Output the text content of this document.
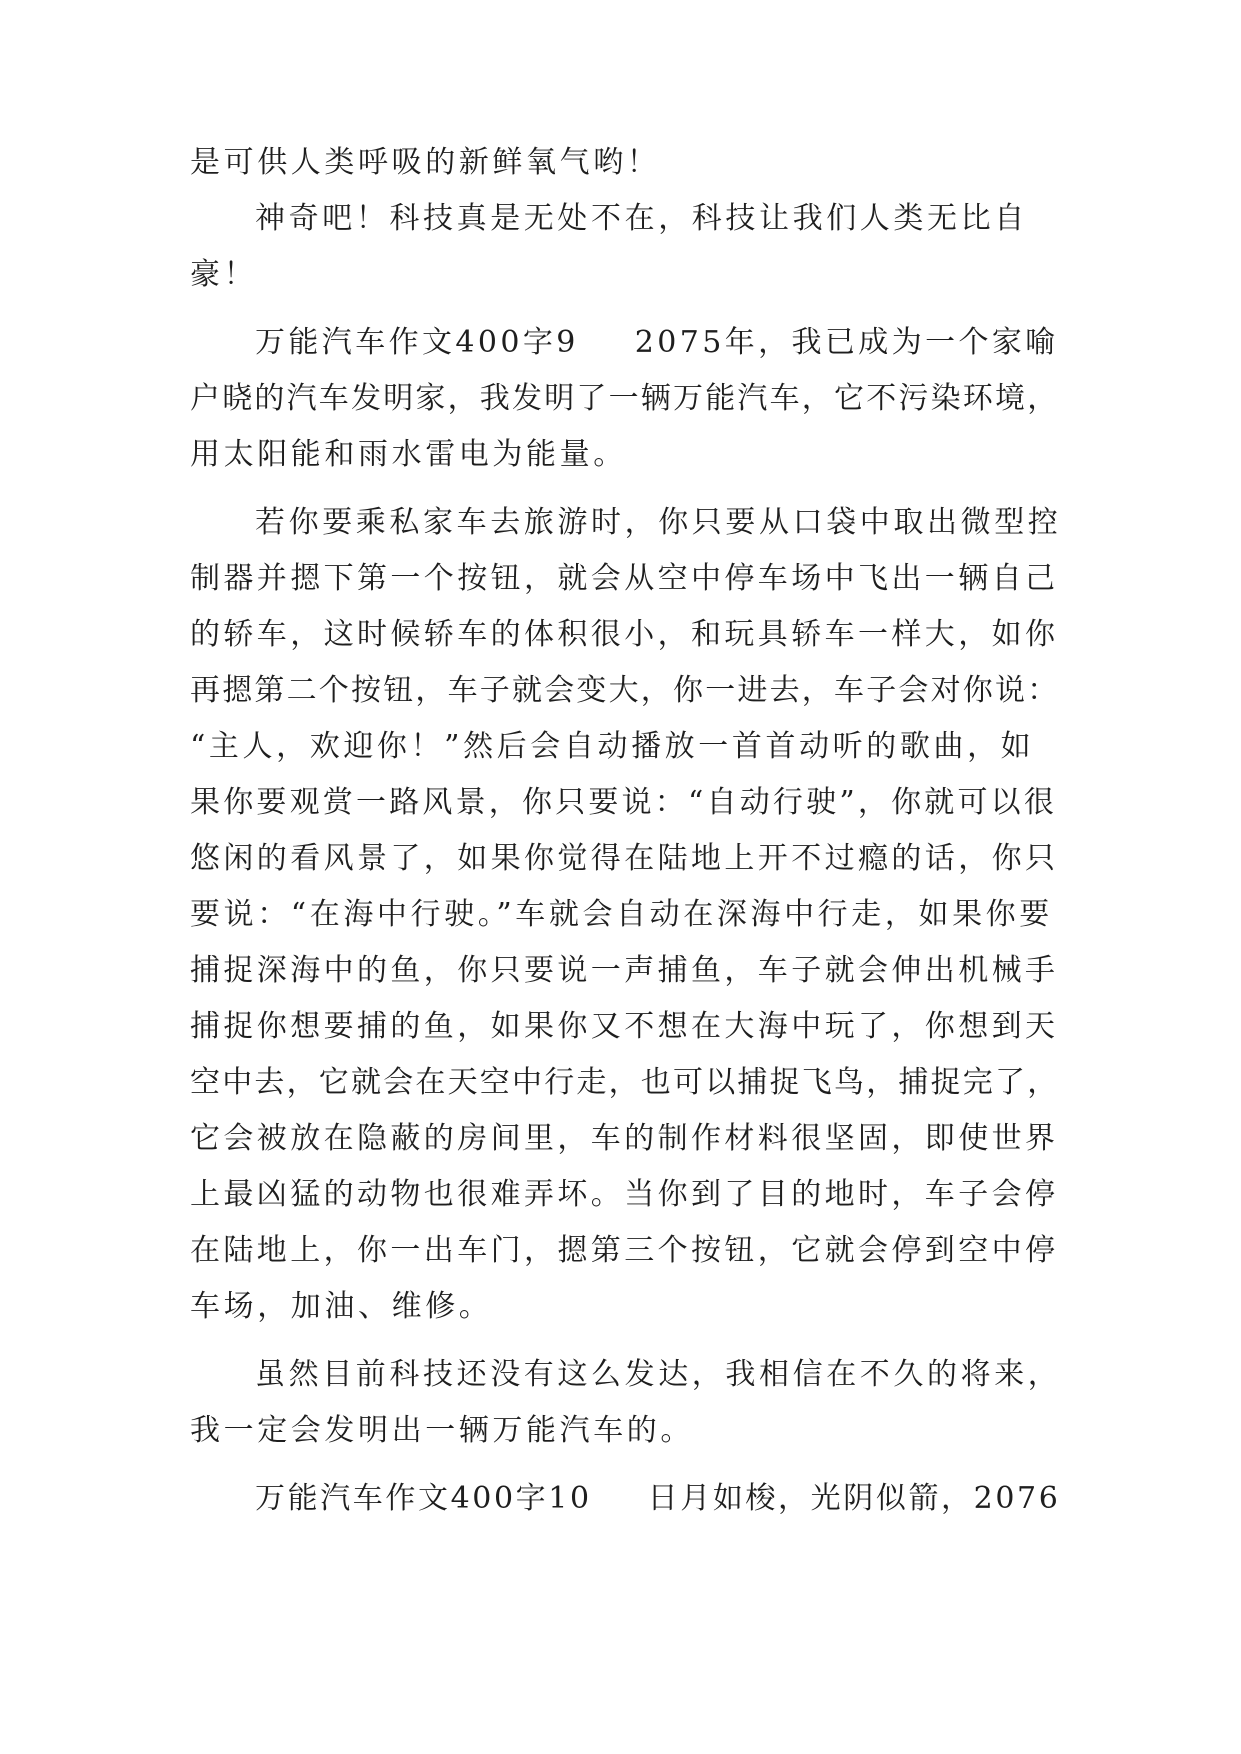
是可供人类呼吸的新鲜氧气哟！
神奇吧！科技真是无处不在，科技让我们人类无比自
豪！
万能汽车作文400字9 2075年，我已成为一个家喻
户晓的汽车发明家，我发明了一辆万能汽车，它不污染环境，
用太阳能和雨水雷电为能量。
若你要乘私家车去旅游时，你只要从口袋中取出微型控
制器并摁下第一个按钮，就会从空中停车场中飞出一辆自己
的轿车，这时候轿车的体积很小，和玩具轿车一样大，如你
再摁第二个按钮，车子就会变大，你一进去，车子会对你说：
“主人，欢迎你！”然后会自动播放一首首动听的歌曲，如
果你要观赏一路风景，你只要说：“自动行驶”，你就可以很
悠闲的看风景了，如果你觉得在陆地上开不过瘾的话，你只
要说：“在海中行驶。”车就会自动在深海中行走，如果你要
捕捉深海中的鱼，你只要说一声捕鱼，车子就会伸出机械手
捕捉你想要捕的鱼，如果你又不想在大海中玩了，你想到天
空中去，它就会在天空中行走，也可以捕捉飞鸟，捕捉完了，
它会被放在隐蔽的房间里，车的制作材料很坚固，即使世界
上最凶猛的动物也很难弄坏。当你到了目的地时，车子会停
在陆地上，你一出车门，摁第三个按钮，它就会停到空中停
车场，加油、维修。
虽然目前科技还没有这么发达，我相信在不久的将来，
我一定会发明出一辆万能汽车的。
万能汽车作文400字10 日月如梭，光阴似箭，2076
